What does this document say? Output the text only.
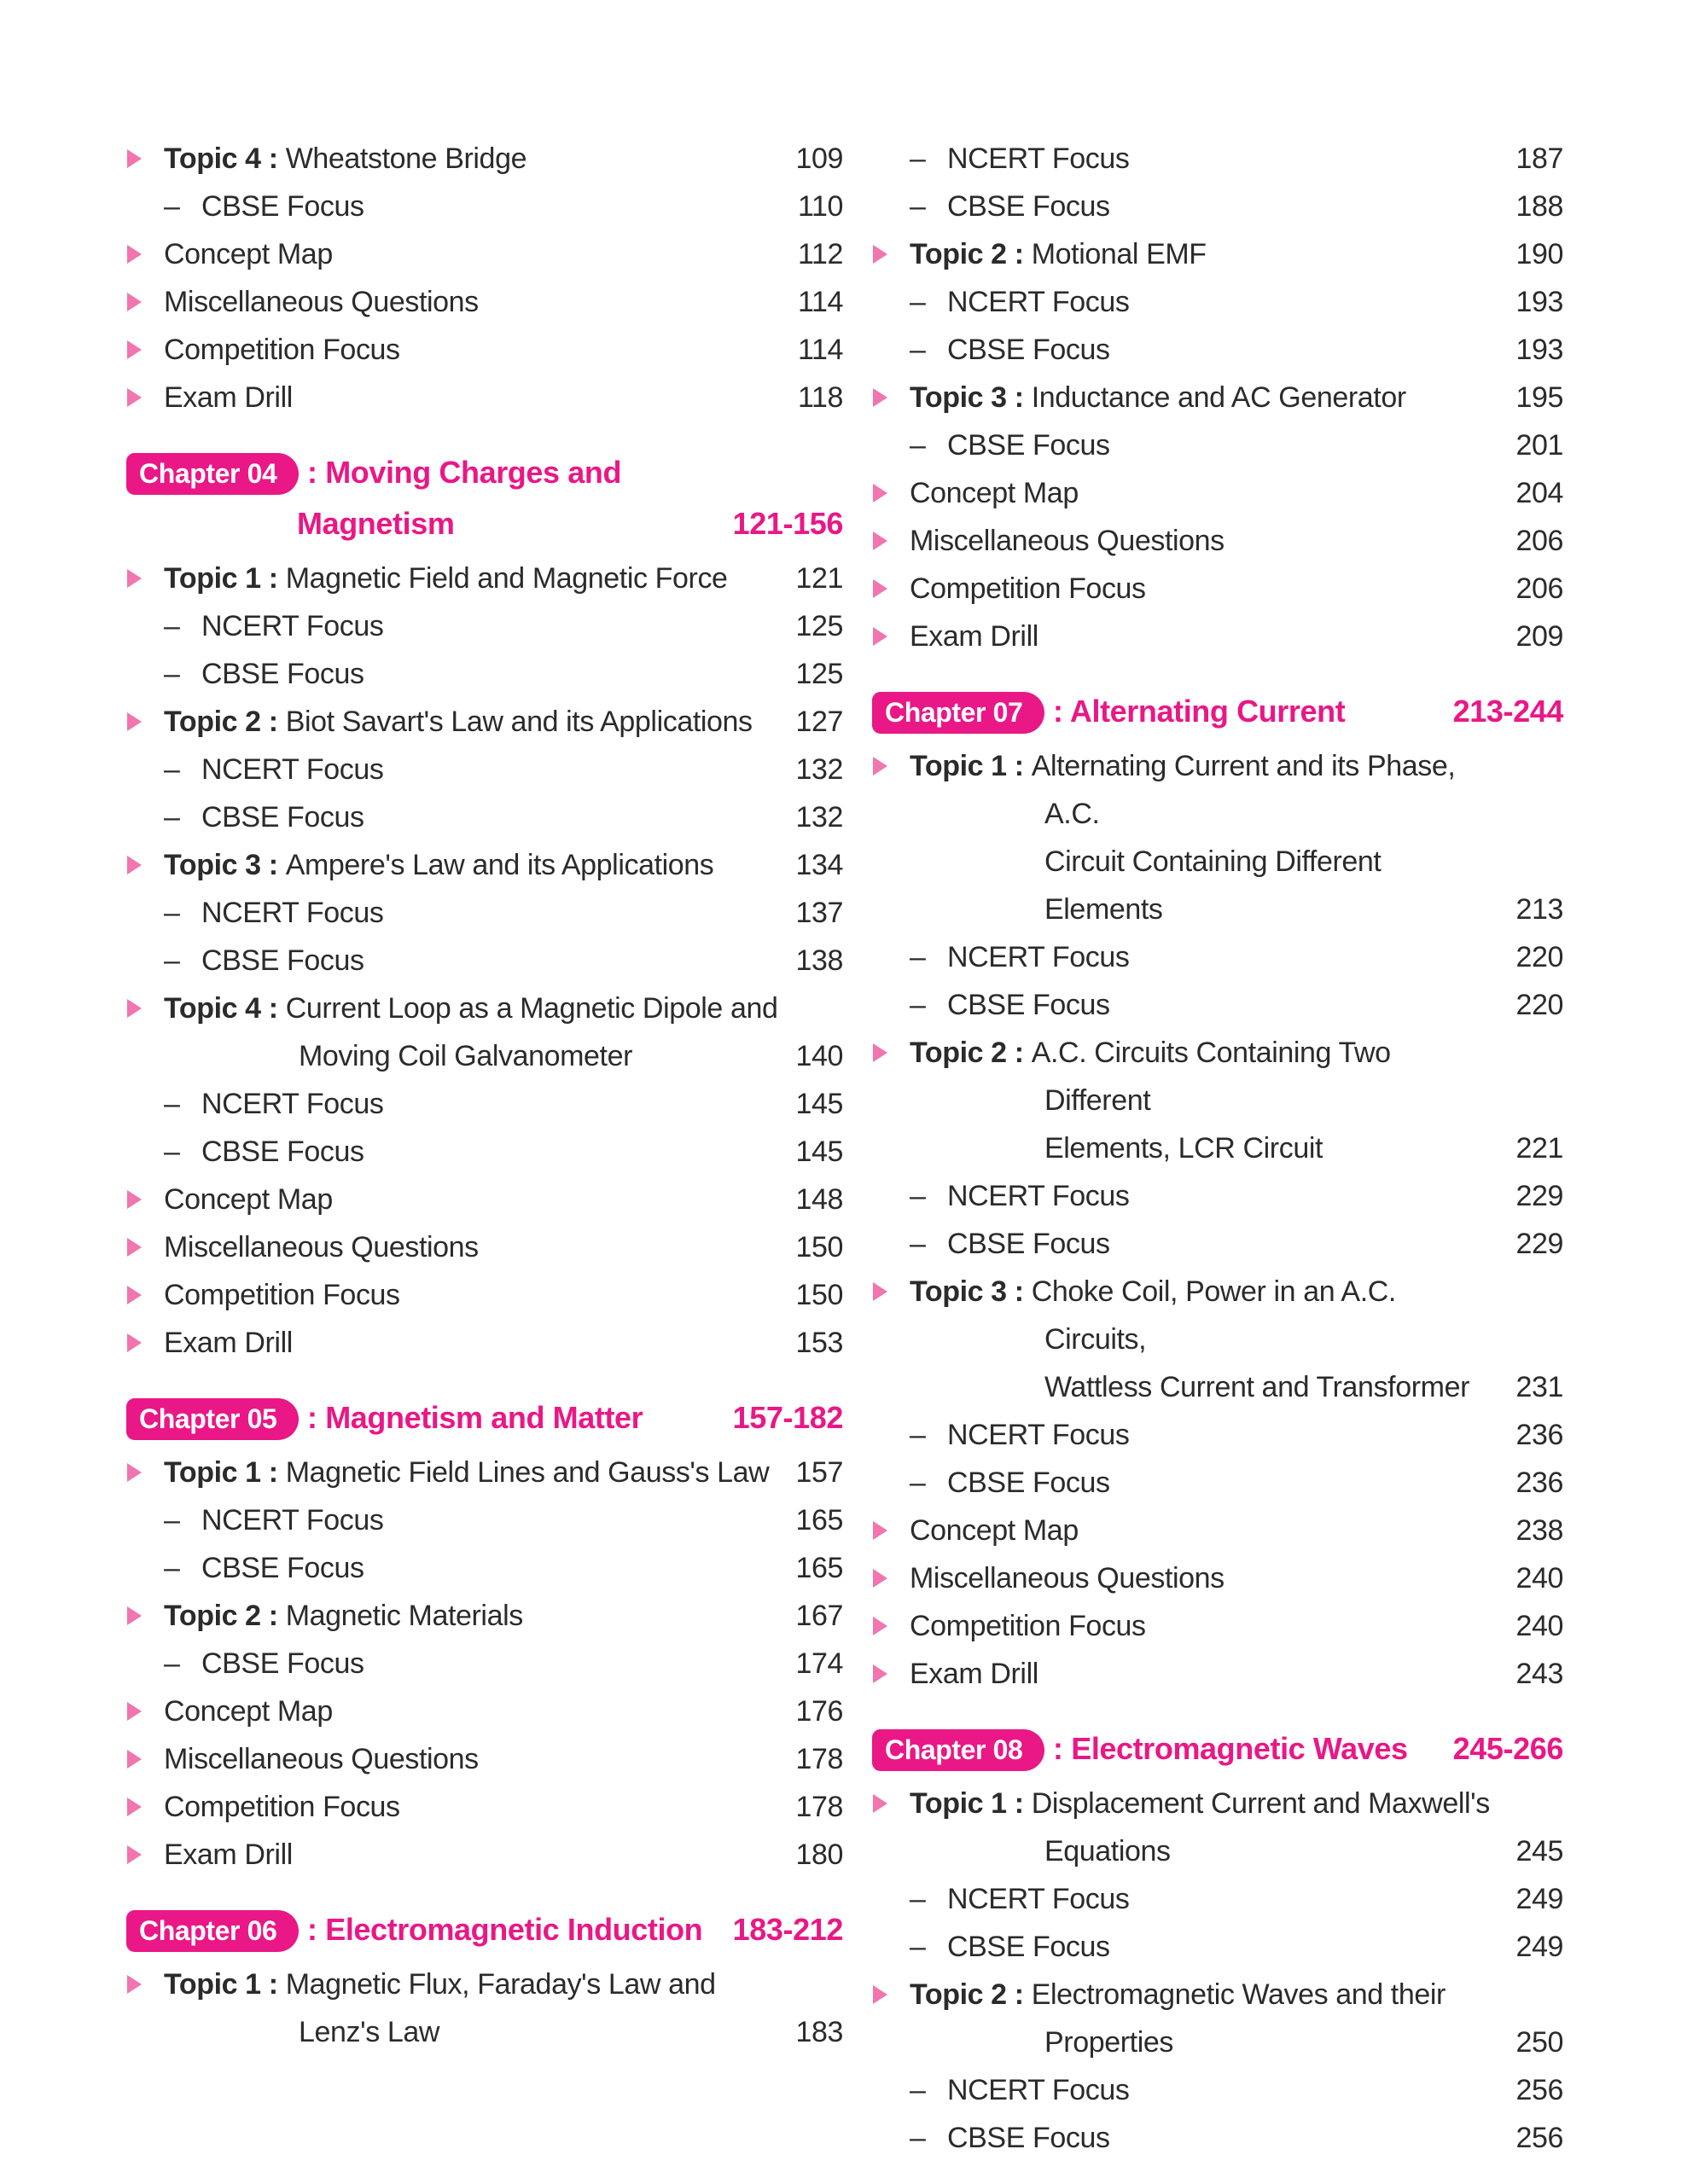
Topic 4 : Wheatstone Bridge	109
– CBSE Focus	110
Concept Map	112
Miscellaneous Questions	114
Competition Focus	114
Exam Drill	118
Chapter 04 : Moving Charges and
Magnetism	121-156
Topic 1 : Magnetic Field and Magnetic Force	121
– NCERT Focus	125
– CBSE Focus	125
Topic 2 : Biot Savart's Law and its Applications	127
– NCERT Focus	132
– CBSE Focus	132
Topic 3 : Ampere's Law and its Applications	134
– NCERT Focus	137
– CBSE Focus	138
Topic 4 : Current Loop as a Magnetic Dipole and
Moving Coil Galvanometer	140
– NCERT Focus	145
– CBSE Focus	145
Concept Map	148
Miscellaneous Questions	150
Competition Focus	150
Exam Drill	153
Chapter 05 : Magnetism and Matter	157-182
Topic 1 : Magnetic Field Lines and Gauss's Law 157
– NCERT Focus	165
– CBSE Focus	165
Topic 2 : Magnetic Materials	167
– CBSE Focus	174
Concept Map	176
Miscellaneous Questions	178
Competition Focus	178
Exam Drill	180
Chapter 06 : Electromagnetic Induction 183-212
Topic 1 : Magnetic Flux, Faraday's Law and
Lenz's Law	183
– NCERT Focus	187
– CBSE Focus	188
Topic 2 : Motional EMF	190
– NCERT Focus	193
– CBSE Focus	193
Topic 3 : Inductance and AC Generator	195
– CBSE Focus	201
Concept Map	204
Miscellaneous Questions	206
Competition Focus	206
Exam Drill	209
Chapter 07 : Alternating Current	213-244
Topic 1 : Alternating Current and its Phase, A.C.
Circuit Containing Different Elements	213
– NCERT Focus	220
– CBSE Focus	220
Topic 2 : A.C. Circuits Containing Two Different
Elements, LCR Circuit	221
– NCERT Focus	229
– CBSE Focus	229
Topic 3 : Choke Coil, Power in an A.C. Circuits,
Wattless Current and Transformer	231
– NCERT Focus	236
– CBSE Focus	236
Concept Map	238
Miscellaneous Questions	240
Competition Focus	240
Exam Drill	243
Chapter 08 : Electromagnetic Waves	245-266
Topic 1 : Displacement Current and Maxwell's
Equations	245
– NCERT Focus	249
– CBSE Focus	249
Topic 2 : Electromagnetic Waves and their
Properties	250
– NCERT Focus	256
– CBSE Focus	256
